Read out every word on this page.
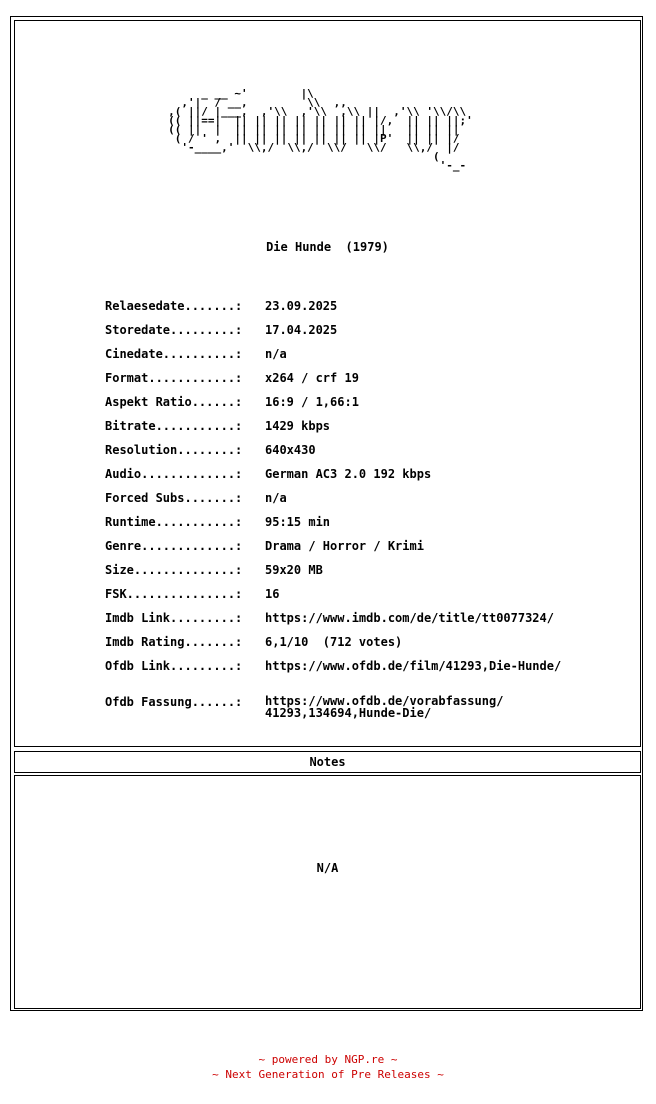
_ __ ~'        |\
,'|  / __,         \\  ,,
,( ||/ |___,  ,'\\  ,'\\  ,\\ ||  ,'\\ '\\/\\
(( ||==|  || || || || || || || |/,  || || ||;'
(( ||  |  || || || || || || || ||   || || ||
( / ' ,  || || || || || || || |P'  || || |/
'-____,'  \\,/  \\,/  \\/   \\/   \\,/  |/
(
'-_-
Die Hunde  (1979)
Relaesedate.......:	23.09.2025
Storedate.........:	17.04.2025
Cinedate..........:	n/a
Format............:	x264 / crf 19
Aspekt Ratio......:	16:9 / 1,66:1
Bitrate...........:	1429 kbps
Resolution........:	640x430
Audio.............:	German AC3 2.0 192 kbps
Forced Subs.......:	n/a
Runtime...........:	95:15 min
Genre.............:	Drama / Horror / Krimi
Size..............:	59x20 MB
FSK...............:	16
Imdb Link.........:	https://www.imdb.com/de/title/tt0077324/
Imdb Rating.......:	6,1/10  (712 votes)
Ofdb Link.........:	https://www.ofdb.de/film/41293,Die-Hunde/
Ofdb Fassung......:	https://www.ofdb.de/vorabfassung/
41293,134694,Hunde-Die/
Notes
N/A
~ powered by NGP.re ~
~ Next Generation of Pre Releases ~
